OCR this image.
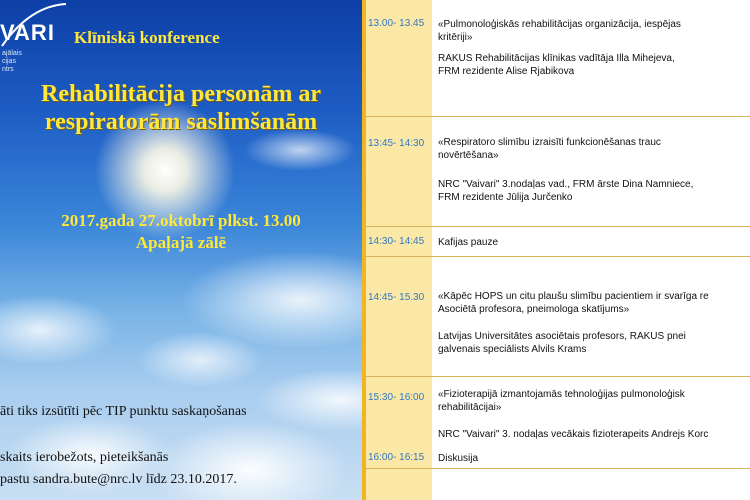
VARI
ajālais
cijas
ntrs
Klīniskā konference
Rehabilitācija personām ar
respiratorām saslimšanām
2017.gada 27.oktobrī plkst. 13.00
Apaļajā zālē
āti tiks izsūtīti pēc TIP punktu saskaņošanas
skaits ierobežots, pieteikšanās
pastu sandra.bute@nrc.lv līdz 23.10.2017.
13.00- 13.45	«Pulmonoloģiskās rehabilitācijas organizācija, iespējas

kritēriji»

RAKUS Rehabilitācijas klīnikas vadītāja Illa Mihejeva,

FRM rezidente Alise Rjabikova

13:45- 14:30	«Respiratoro slimību izraisīti funkcionēšanas trauc

novērtēšana»

NRC "Vaivari" 3.nodaļas vad., FRM ārste Dina Namniece,

FRM rezidente Jūlija Jurčenko

14:30- 14:45	Kafijas pauze

14:45- 15.30	«Kāpēc HOPS un citu plaušu slimību pacientiem ir svarīga re

Asociētā profesora, pneimologa skatījums»

Latvijas Universitātes asociētais profesors, RAKUS pnei

galvenais speciālists Alvils Krams

15:30- 16:00	«Fizioterapijā izmantojamās tehnoloģijas pulmonoloģisk

rehabilitācijai»

NRC "Vaivari" 3. nodaļas vecākais fizioterapeits Andrejs Korc

16:00- 16:15	Diskusija
